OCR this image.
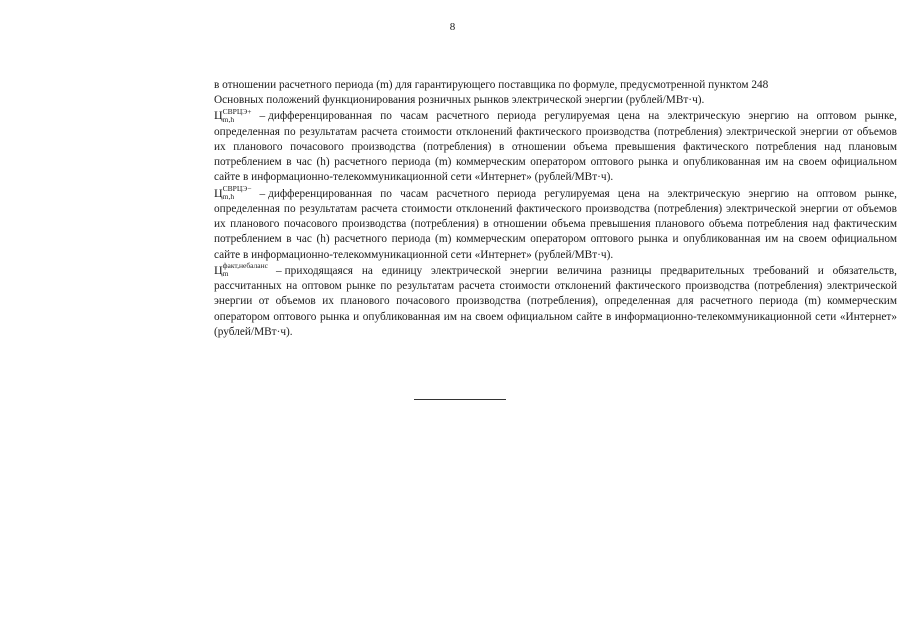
8

в отношении расчетного периода (m) для гарантирующего поставщика по формуле, предусмотренной пунктом 248
Основных положений функционирования розничных рынков электрической энергии (рублей/МВт·ч).

Ц СВРЦЭ+
m,h	– дифференцированная по часам расчетного периода регулируемая цена на электрическую энергию на оптовом рынке, определенная по результатам расчета стоимости отклонений фактического производства (потребления) электрической энергии от объемов их планового почасового производства (потребления) в отношении объема превышения фактического потребления над плановым потреблением в час (h) расчетного периода (m) коммерческим оператором оптового рынка и опубликованная им на своем официальном сайте в информационно-телекоммуникационной сети «Интернет» (рублей/МВт·ч).

Ц СВРЦЭ−
m,h	– дифференцированная по часам расчетного периода регулируемая цена на электрическую энергию на оптовом рынке, определенная по результатам расчета стоимости отклонений фактического производства (потребления) электрической энергии от объемов их планового почасового производства (потребления) в отношении объема превышения планового объема потребления над фактическим потреблением в час (h) расчетного периода (m) коммерческим оператором оптового рынка и опубликованная им на своем официальном сайте в информационно-телекоммуникационной сети «Интернет» (рублей/МВт·ч).

Ц факт,небаланс
m	– приходящаяся на единицу электрической энергии величина разницы предварительных требований и обязательств, рассчитанных на оптовом рынке по результатам расчета стоимости отклонений фактического производства (потребления) электрической энергии от объемов их планового почасового производства (потребления), определенная для расчетного периода (m) коммерческим оператором оптового рынка и опубликованная им на своем официальном сайте в информационно-телекоммуникационной сети «Интернет» (рублей/МВт·ч).
